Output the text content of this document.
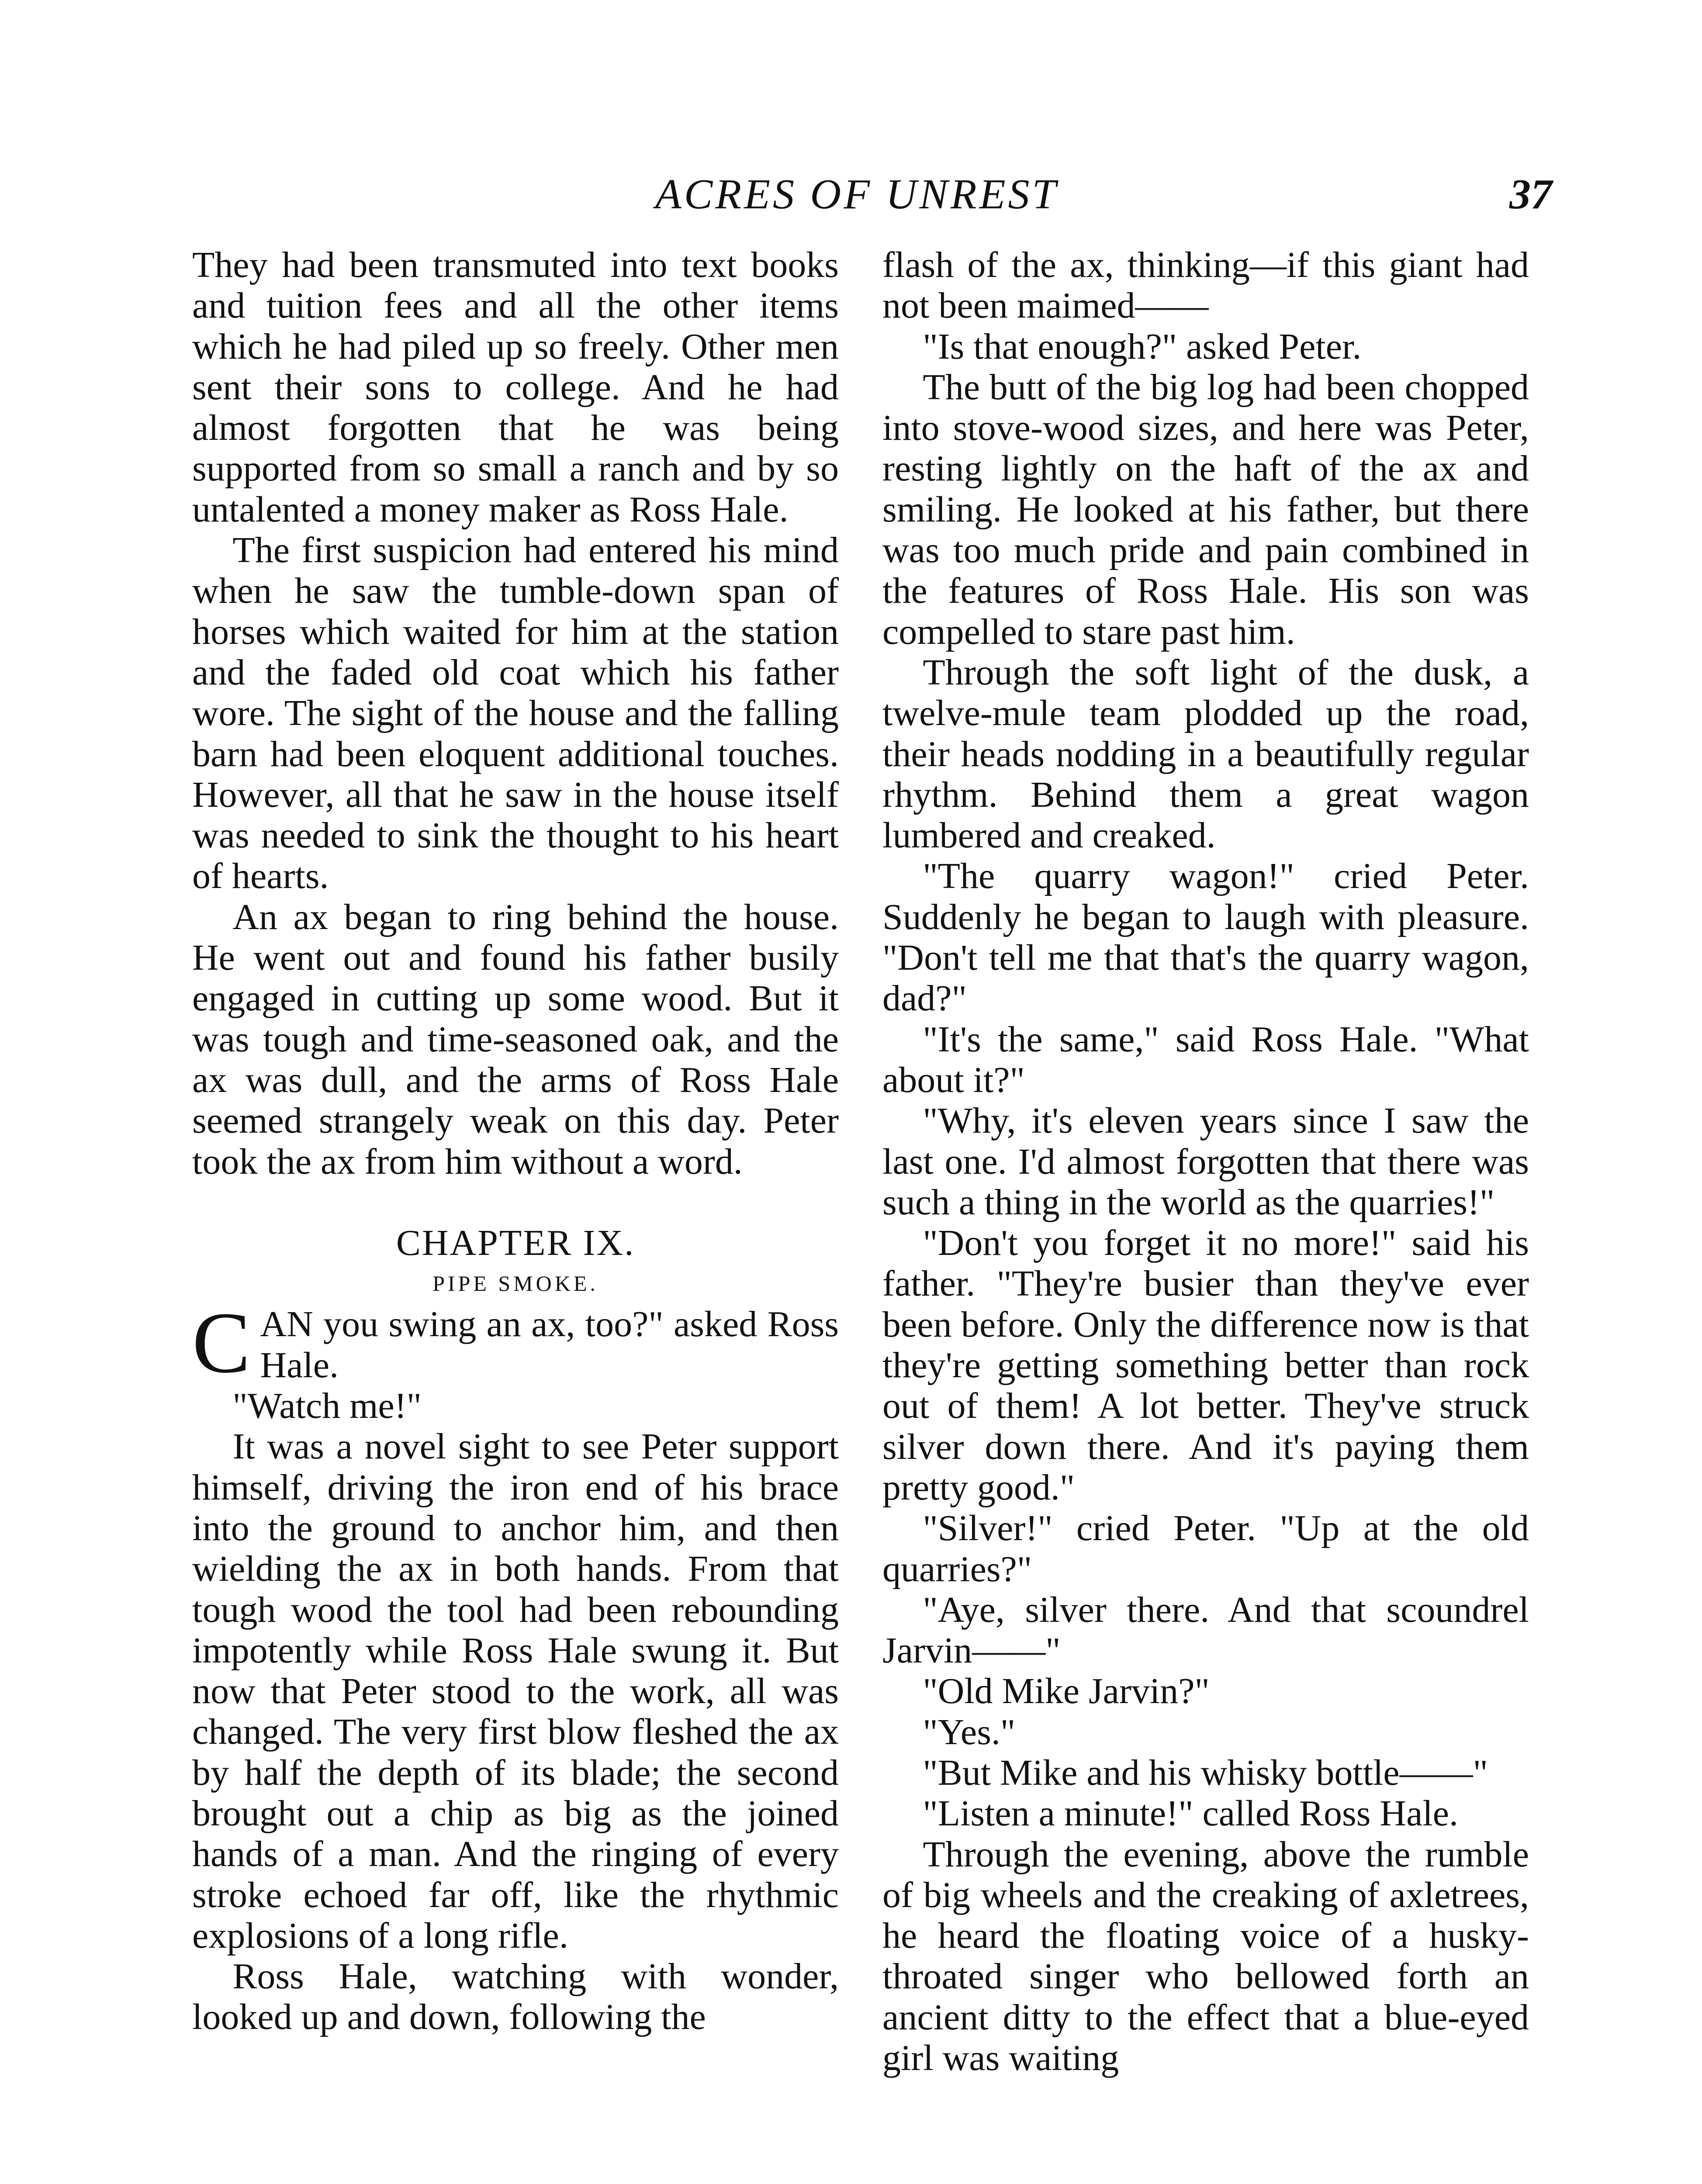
ACRES OF UNREST	37

They had been transmuted into text books and tuition fees and all the other items which he had piled up so freely. Other men sent their sons to college. And he had almost forgotten that he was being supported from so small a ranch and by so untalented a money maker as Ross Hale.

The first suspicion had entered his mind when he saw the tumble-down span of horses which waited for him at the station and the faded old coat which his father wore. The sight of the house and the falling barn had been eloquent additional touches. However, all that he saw in the house itself was needed to sink the thought to his heart of hearts.

An ax began to ring behind the house. He went out and found his father busily engaged in cutting up some wood. But it was tough and time-seasoned oak, and the ax was dull, and the arms of Ross Hale seemed strangely weak on this day. Peter took the ax from him without a word.

CHAPTER IX.
PIPE SMOKE.

CAN you swing an ax, too?" asked Ross Hale.

"Watch me!"

It was a novel sight to see Peter support himself, driving the iron end of his brace into the ground to anchor him, and then wielding the ax in both hands. From that tough wood the tool had been rebounding impotently while Ross Hale swung it. But now that Peter stood to the work, all was changed. The very first blow fleshed the ax by half the depth of its blade; the second brought out a chip as big as the joined hands of a man. And the ringing of every stroke echoed far off, like the rhythmic explosions of a long rifle.

Ross Hale, watching with wonder, looked up and down, following the

flash of the ax, thinking—if this giant had not been maimed——

"Is that enough?" asked Peter.

The butt of the big log had been chopped into stove-wood sizes, and here was Peter, resting lightly on the haft of the ax and smiling. He looked at his father, but there was too much pride and pain combined in the features of Ross Hale. His son was compelled to stare past him.

Through the soft light of the dusk, a twelve-mule team plodded up the road, their heads nodding in a beautifully regular rhythm. Behind them a great wagon lumbered and creaked.

"The quarry wagon!" cried Peter. Suddenly he began to laugh with pleasure. "Don't tell me that that's the quarry wagon, dad?"

"It's the same," said Ross Hale. "What about it?"

"Why, it's eleven years since I saw the last one. I'd almost forgotten that there was such a thing in the world as the quarries!"

"Don't you forget it no more!" said his father. "They're busier than they've ever been before. Only the difference now is that they're getting something better than rock out of them! A lot better. They've struck silver down there. And it's paying them pretty good."

"Silver!" cried Peter. "Up at the old quarries?"

"Aye, silver there. And that scoundrel Jarvin——"

"Old Mike Jarvin?"

"Yes."

"But Mike and his whisky bottle——"

"Listen a minute!" called Ross Hale.

Through the evening, above the rumble of big wheels and the creaking of axletrees, he heard the floating voice of a husky-throated singer who bellowed forth an ancient ditty to the effect that a blue-eyed girl was waiting
